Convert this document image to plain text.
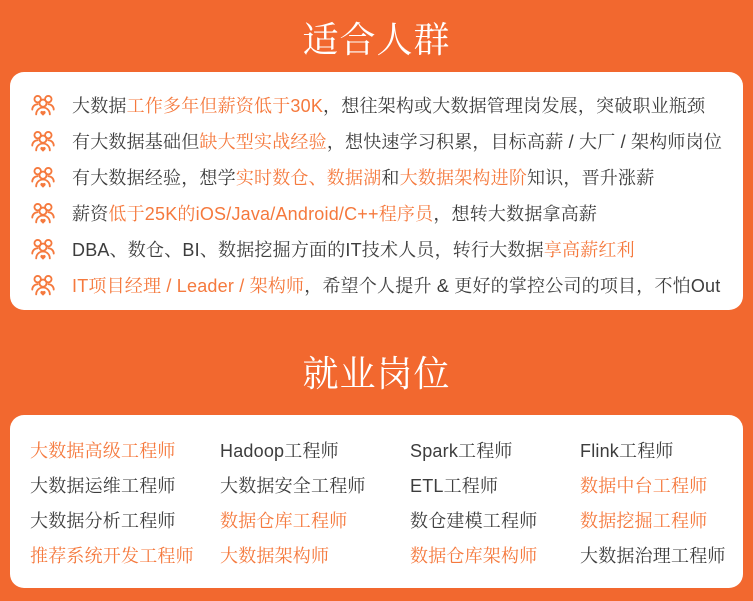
适合人群
大数据工作多年但薪资低于30K，想往架构或大数据管理岗发展，突破职业瓶颈
有大数据基础但缺大型实战经验，想快速学习积累，目标高薪 / 大厂 / 架构师岗位
有大数据经验，想学实时数仓、数据湖和大数据架构进阶知识，晋升涨薪
薪资低于25K的iOS/Java/Android/C++程序员，想转大数据拿高薪
DBA、数仓、BI、数据挖掘方面的IT技术人员，转行大数据享高薪红利
IT项目经理 / Leader / 架构师，希望个人提升 & 更好的掌控公司的项目，不怕Out
就业岗位
大数据高级工程师	Hadoop工程师	Spark工程师	Flink工程师
大数据运维工程师	大数据安全工程师	ETL工程师	数据中台工程师
大数据分析工程师	数据仓库工程师	数仓建模工程师	数据挖掘工程师
推荐系统开发工程师	大数据架构师	数据仓库架构师	大数据治理工程师
